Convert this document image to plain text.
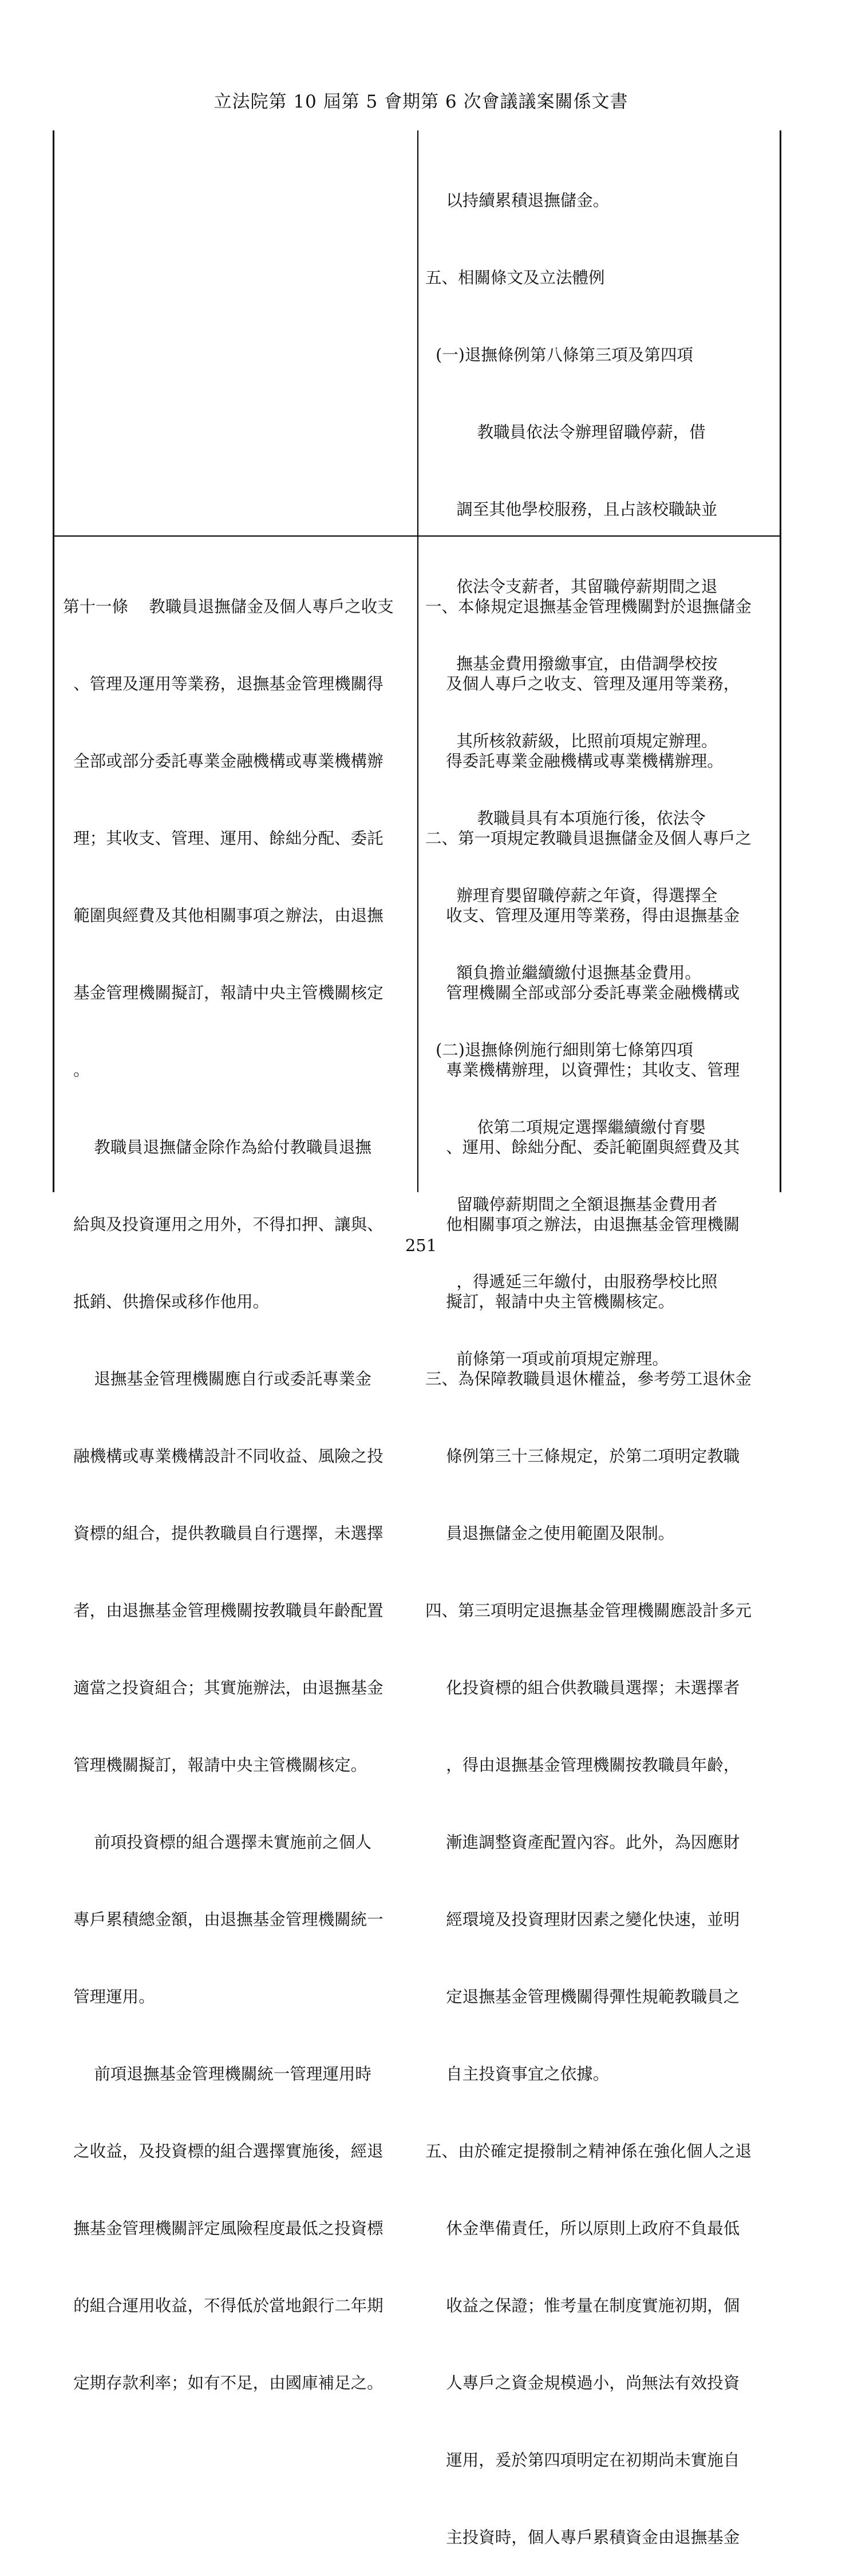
立法院第 10 屆第 5 會期第 6 次會議議案關係文書

以持續累積退撫儲金。

五、相關條文及立法體例

(一)退撫條例第八條第三項及第四項

教職員依法令辦理留職停薪，借

調至其他學校服務，且占該校職缺並

依法令支薪者，其留職停薪期間之退

撫基金費用撥繳事宜，由借調學校按

其所核敘薪級，比照前項規定辦理。

教職員具有本項施行後，依法令

辦理育嬰留職停薪之年資，得選擇全

額負擔並繼續繳付退撫基金費用。

(二)退撫條例施行細則第七條第四項

依第二項規定選擇繼續繳付育嬰

留職停薪期間之全額退撫基金費用者

，得遞延三年繳付，由服務學校比照

前條第一項或前項規定辦理。

第十一條    教職員退撫儲金及個人專戶之收支

、管理及運用等業務，退撫基金管理機關得

全部或部分委託專業金融機構或專業機構辦

理；其收支、管理、運用、餘絀分配、委託

範圍與經費及其他相關事項之辦法，由退撫

基金管理機關擬訂，報請中央主管機關核定

。

教職員退撫儲金除作為給付教職員退撫

給與及投資運用之用外，不得扣押、讓與、

抵銷、供擔保或移作他用。

退撫基金管理機關應自行或委託專業金

融機構或專業機構設計不同收益、風險之投

資標的組合，提供教職員自行選擇，未選擇

者，由退撫基金管理機關按教職員年齡配置

適當之投資組合；其實施辦法，由退撫基金

管理機關擬訂，報請中央主管機關核定。

前項投資標的組合選擇未實施前之個人

專戶累積總金額，由退撫基金管理機關統一

管理運用。

前項退撫基金管理機關統一管理運用時

之收益，及投資標的組合選擇實施後，經退

撫基金管理機關評定風險程度最低之投資標

的組合運用收益，不得低於當地銀行二年期

定期存款利率；如有不足，由國庫補足之。

一、本條規定退撫基金管理機關對於退撫儲金

及個人專戶之收支、管理及運用等業務，

得委託專業金融機構或專業機構辦理。

二、第一項規定教職員退撫儲金及個人專戶之

收支、管理及運用等業務，得由退撫基金

管理機關全部或部分委託專業金融機構或

專業機構辦理，以資彈性；其收支、管理

、運用、餘絀分配、委託範圍與經費及其

他相關事項之辦法，由退撫基金管理機關

擬訂，報請中央主管機關核定。

三、為保障教職員退休權益，參考勞工退休金

條例第三十三條規定，於第二項明定教職

員退撫儲金之使用範圍及限制。

四、第三項明定退撫基金管理機關應設計多元

化投資標的組合供教職員選擇；未選擇者

，得由退撫基金管理機關按教職員年齡，

漸進調整資產配置內容。此外，為因應財

經環境及投資理財因素之變化快速，並明

定退撫基金管理機關得彈性規範教職員之

自主投資事宜之依據。

五、由於確定提撥制之精神係在強化個人之退

休金準備責任，所以原則上政府不負最低

收益之保證；惟考量在制度實施初期，個

人專戶之資金規模過小，尚無法有效投資

運用，爰於第四項明定在初期尚未實施自

主投資時，個人專戶累積資金由退撫基金

251
